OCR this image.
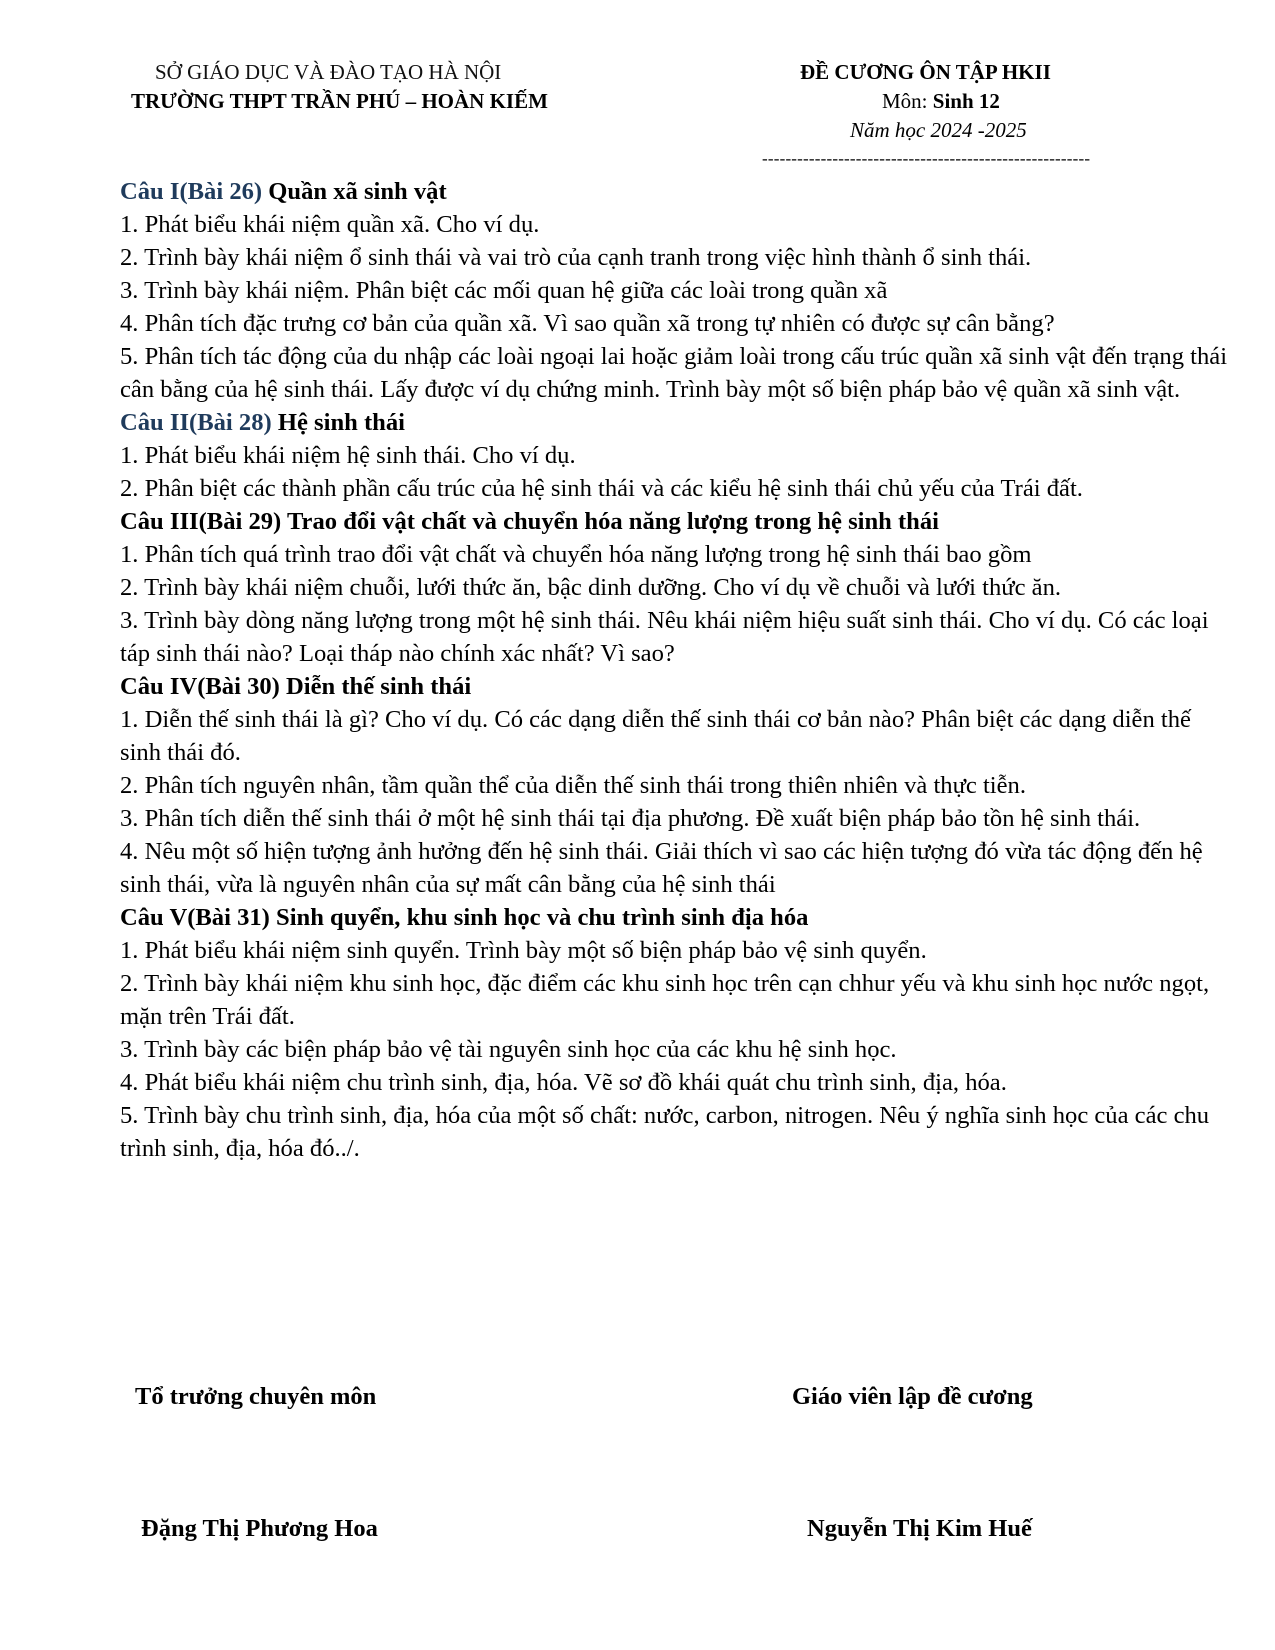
SỞ GIÁO DỤC VÀ ĐÀO TẠO HÀ NỘI

TRƯỜNG THPT TRẦN PHÚ – HOÀN KIẾM

ĐỀ CƯƠNG ÔN TẬP HKII

Môn: Sinh 12

Năm học 2024 -2025

--------------------------------------------------------

Câu I(Bài 26) Quần xã sinh vật

1. Phát biểu khái niệm quần xã. Cho ví dụ.

2. Trình bày khái niệm ổ sinh thái và vai trò của cạnh tranh trong việc hình thành ổ sinh thái.

3. Trình bày khái niệm. Phân biệt các mối quan hệ giữa các loài trong quần xã

4. Phân tích đặc trưng cơ bản của quần xã. Vì sao quần xã trong tự nhiên có được sự cân bằng?

5. Phân tích tác động của du nhập các loài ngoại lai hoặc giảm loài trong cấu trúc quần xã sinh vật đến trạng thái cân bằng của hệ sinh thái. Lấy được ví dụ chứng minh. Trình bày một số biện pháp bảo vệ quần xã sinh vật.

Câu II(Bài 28) Hệ sinh thái

1. Phát biểu khái niệm hệ sinh thái. Cho ví dụ.

2. Phân biệt các thành phần cấu trúc của hệ sinh thái và các kiểu hệ sinh thái chủ yếu của Trái đất.

Câu III(Bài 29) Trao đổi vật chất và chuyển hóa năng lượng trong hệ sinh thái

1. Phân tích quá trình trao đổi vật chất và chuyển hóa năng lượng trong hệ sinh thái bao gồm

2. Trình bày khái niệm chuỗi, lưới thức ăn, bậc dinh dưỡng. Cho ví dụ về chuỗi và lưới thức ăn.

3. Trình bày dòng năng lượng trong một hệ sinh thái. Nêu khái niệm hiệu suất sinh thái. Cho ví dụ. Có các loại táp sinh thái nào? Loại tháp nào chính xác nhất? Vì sao?

Câu IV(Bài 30) Diễn thế sinh thái

1. Diễn thế sinh thái là gì? Cho ví dụ. Có các dạng diễn thế sinh thái cơ bản nào? Phân biệt các dạng diễn thế sinh thái đó.

2. Phân tích nguyên nhân, tầm quần thể của diễn thế sinh thái trong thiên nhiên và thực tiễn.

3. Phân tích diễn thế sinh thái ở một hệ sinh thái tại địa phương. Đề xuất biện pháp bảo tồn hệ sinh thái.

4. Nêu một số hiện tượng ảnh hưởng đến hệ sinh thái. Giải thích vì sao các hiện tượng đó vừa tác động đến hệ sinh thái, vừa là nguyên nhân của sự mất cân bằng của hệ sinh thái

Câu V(Bài 31) Sinh quyển, khu sinh học và chu trình sinh địa hóa

1. Phát biểu khái niệm sinh quyển. Trình bày một số biện pháp bảo vệ sinh quyển.

2. Trình bày khái niệm khu sinh học, đặc điểm các khu sinh học trên cạn chhur yếu và khu sinh học nước ngọt, mặn trên Trái đất.

3. Trình bày các biện pháp bảo vệ tài nguyên sinh học của các khu hệ sinh học.

4. Phát biểu khái niệm chu trình sinh, địa, hóa. Vẽ sơ đồ khái quát chu trình sinh, địa, hóa.

5. Trình bày chu trình sinh, địa, hóa của một số chất: nước, carbon, nitrogen. Nêu ý nghĩa sinh học của các chu trình sinh, địa, hóa đó../.

Tổ trưởng chuyên môn	Giáo viên lập đề cương

Đặng Thị Phương Hoa	Nguyễn Thị Kim Huế
